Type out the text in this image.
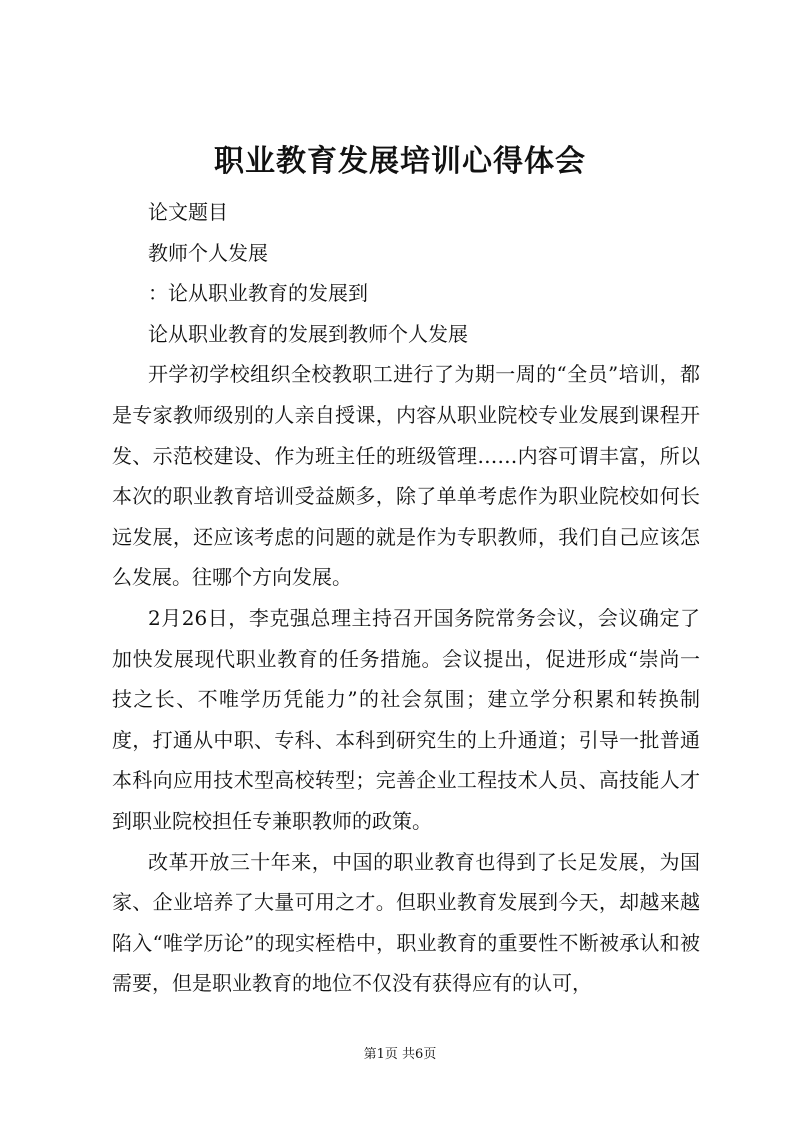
职业教育发展培训心得体会

论文题目

教师个人发展

：论从职业教育的发展到

论从职业教育的发展到教师个人发展

开学初学校组织全校教职工进行了为期一周的“全员”培训，都是专家教师级别的人亲自授课，内容从职业院校专业发展到课程开发、示范校建设、作为班主任的班级管理……内容可谓丰富，所以本次的职业教育培训受益颇多，除了单单考虑作为职业院校如何长远发展，还应该考虑的问题的就是作为专职教师，我们自己应该怎么发展。往哪个方向发展。

2月26日，李克强总理主持召开国务院常务会议，会议确定了加快发展现代职业教育的任务措施。会议提出，促进形成“崇尚一技之长、不唯学历凭能力”的社会氛围；建立学分积累和转换制度，打通从中职、专科、本科到研究生的上升通道；引导一批普通本科向应用技术型高校转型；完善企业工程技术人员、高技能人才到职业院校担任专兼职教师的政策。

改革开放三十年来，中国的职业教育也得到了长足发展，为国家、企业培养了大量可用之才。但职业教育发展到今天，却越来越陷入“唯学历论”的现实桎梏中，职业教育的重要性不断被承认和被需要，但是职业教育的地位不仅没有获得应有的认可，

第1页 共6页
